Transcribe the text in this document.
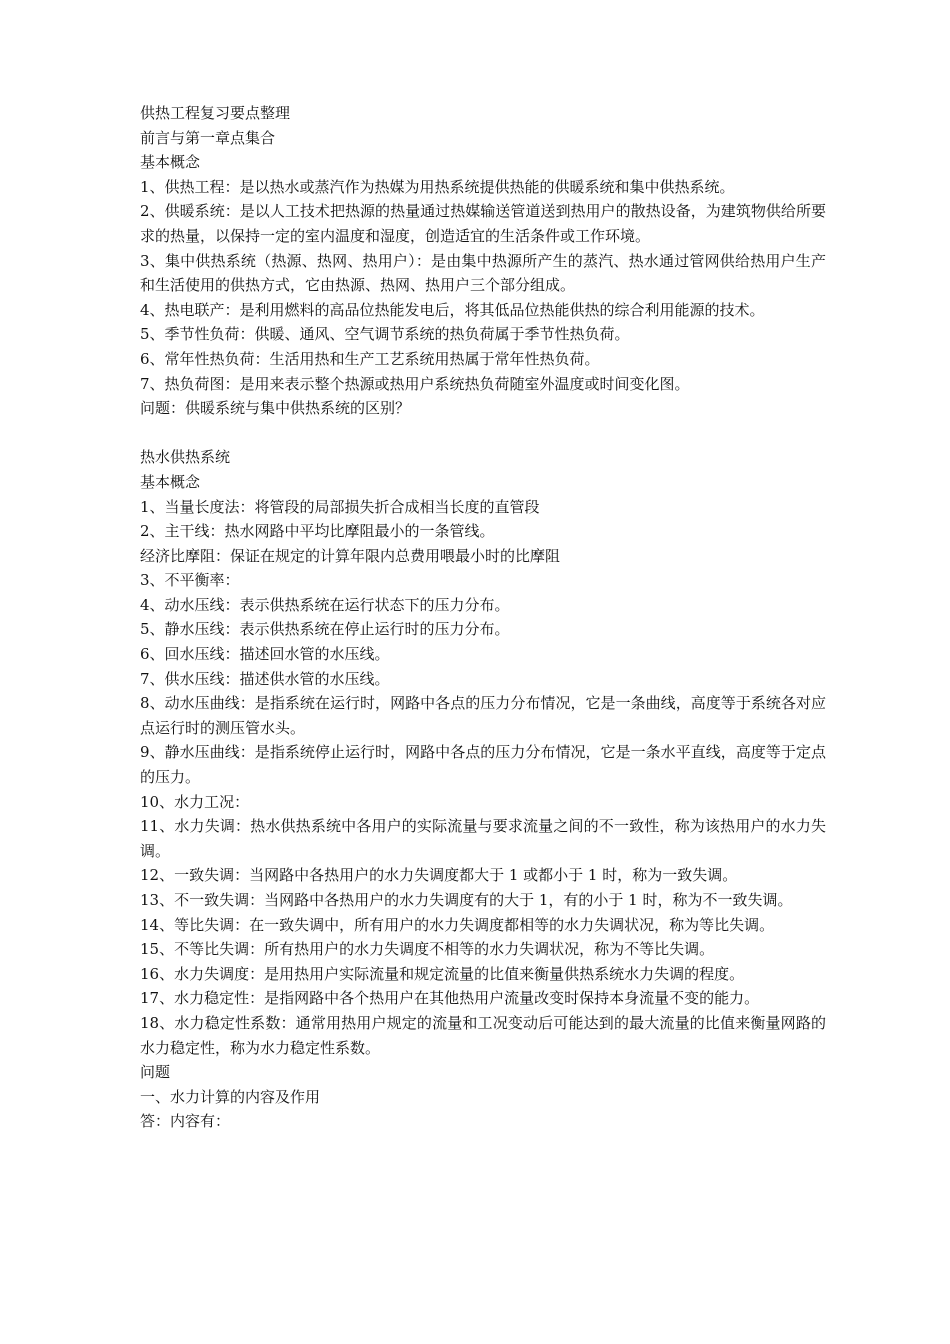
供热工程复习要点整理
前言与第一章点集合
基本概念
1、供热工程：是以热水或蒸汽作为热媒为用热系统提供热能的供暖系统和集中供热系统。
2、供暖系统：是以人工技术把热源的热量通过热媒输送管道送到热用户的散热设备，为建筑物供给所要求的热量，以保持一定的室内温度和湿度，创造适宜的生活条件或工作环境。
3、集中供热系统（热源、热网、热用户）：是由集中热源所产生的蒸汽、热水通过管网供给热用户生产和生活使用的供热方式，它由热源、热网、热用户三个部分组成。
4、热电联产：是利用燃料的高品位热能发电后，将其低品位热能供热的综合利用能源的技术。
5、季节性负荷：供暖、通风、空气调节系统的热负荷属于季节性热负荷。
6、常年性热负荷：生活用热和生产工艺系统用热属于常年性热负荷。
7、热负荷图：是用来表示整个热源或热用户系统热负荷随室外温度或时间变化图。
问题：供暖系统与集中供热系统的区别？
热水供热系统
基本概念
1、当量长度法：将管段的局部损失折合成相当长度的直管段
2、主干线：热水网路中平均比摩阻最小的一条管线。
经济比摩阻：保证在规定的计算年限内总费用喂最小时的比摩阻
3、不平衡率：
4、动水压线：表示供热系统在运行状态下的压力分布。
5、静水压线：表示供热系统在停止运行时的压力分布。
6、回水压线：描述回水管的水压线。
7、供水压线：描述供水管的水压线。
8、动水压曲线：是指系统在运行时，网路中各点的压力分布情况，它是一条曲线，高度等于系统各对应点运行时的测压管水头。
9、静水压曲线：是指系统停止运行时，网路中各点的压力分布情况，它是一条水平直线，高度等于定点的压力。
10、水力工况：
11、水力失调：热水供热系统中各用户的实际流量与要求流量之间的不一致性，称为该热用户的水力失调。
12、一致失调：当网路中各热用户的水力失调度都大于 1 或都小于 1 时，称为一致失调。
13、不一致失调：当网路中各热用户的水力失调度有的大于 1，有的小于 1 时，称为不一致失调。
14、等比失调：在一致失调中，所有用户的水力失调度都相等的水力失调状况，称为等比失调。
15、不等比失调：所有热用户的水力失调度不相等的水力失调状况，称为不等比失调。
16、水力失调度：是用热用户实际流量和规定流量的比值来衡量供热系统水力失调的程度。
17、水力稳定性：是指网路中各个热用户在其他热用户流量改变时保持本身流量不变的能力。
18、水力稳定性系数：通常用热用户规定的流量和工况变动后可能达到的最大流量的比值来衡量网路的水力稳定性，称为水力稳定性系数。
问题
一、水力计算的内容及作用
答：内容有：
